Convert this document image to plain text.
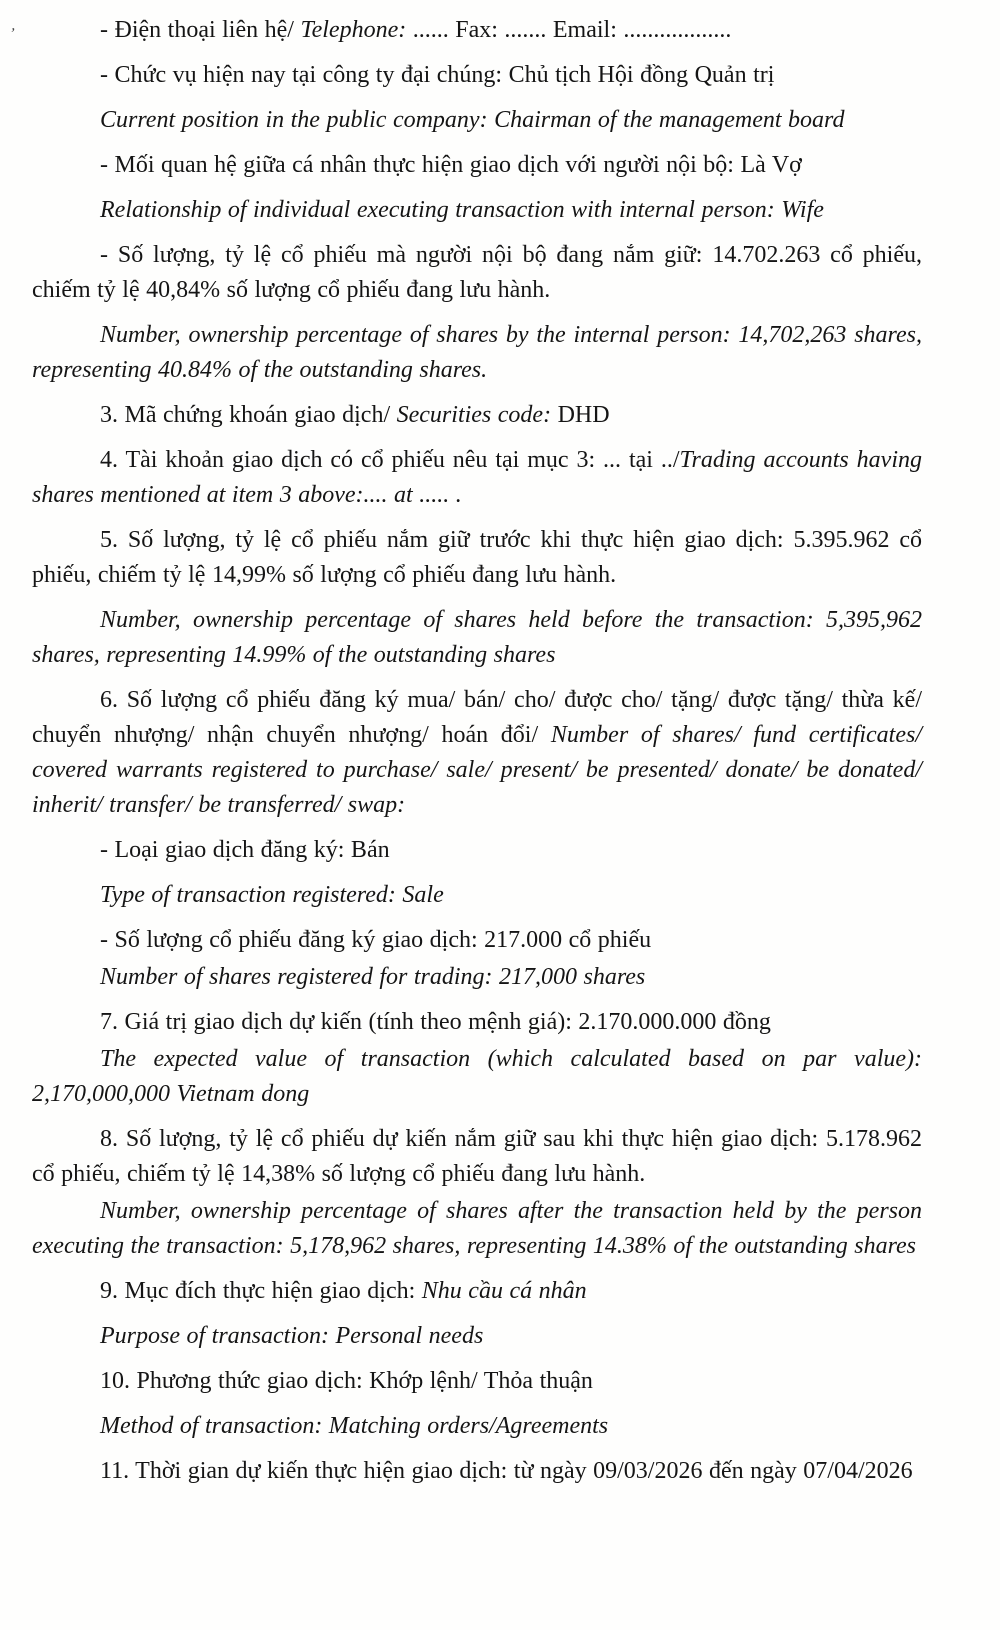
’	- Điện thoại liên hệ/ Telephone: ...... Fax: ....... Email: ..................

- Chức vụ hiện nay tại công ty đại chúng: Chủ tịch Hội đồng Quản trị

Current position in the public company: Chairman of the management board

- Mối quan hệ giữa cá nhân thực hiện giao dịch với người nội bộ: Là Vợ

Relationship of individual executing transaction with internal person: Wife

- Số lượng, tỷ lệ cổ phiếu mà người nội bộ đang nắm giữ: 14.702.263 cổ phiếu, chiếm tỷ lệ 40,84% số lượng cổ phiếu đang lưu hành.

Number, ownership percentage of shares by the internal person: 14,702,263 shares, representing 40.84% of the outstanding shares.

3. Mã chứng khoán giao dịch/ Securities code: DHD

4. Tài khoản giao dịch có cổ phiếu nêu tại mục 3: ... tại ../Trading accounts having shares mentioned at item 3 above:.... at ..... .

5. Số lượng, tỷ lệ cổ phiếu nắm giữ trước khi thực hiện giao dịch: 5.395.962 cổ phiếu, chiếm tỷ lệ 14,99% số lượng cổ phiếu đang lưu hành.

Number, ownership percentage of shares held before the transaction: 5,395,962 shares, representing 14.99% of the outstanding shares

6. Số lượng cổ phiếu đăng ký mua/ bán/ cho/ được cho/ tặng/ được tặng/ thừa kế/ chuyển nhượng/ nhận chuyển nhượng/ hoán đổi/ Number of shares/ fund certificates/ covered warrants registered to purchase/ sale/ present/ be presented/ donate/ be donated/ inherit/ transfer/ be transferred/ swap:

- Loại giao dịch đăng ký: Bán

Type of transaction registered: Sale

- Số lượng cổ phiếu đăng ký giao dịch: 217.000 cổ phiếu

Number of shares registered for trading: 217,000 shares

7. Giá trị giao dịch dự kiến (tính theo mệnh giá): 2.170.000.000 đồng

The expected value of transaction (which calculated based on par value): 2,170,000,000 Vietnam dong

8. Số lượng, tỷ lệ cổ phiếu dự kiến nắm giữ sau khi thực hiện giao dịch: 5.178.962 cổ phiếu, chiếm tỷ lệ 14,38% số lượng cổ phiếu đang lưu hành.

Number, ownership percentage of shares after the transaction held by the person executing the transaction: 5,178,962 shares, representing 14.38% of the outstanding shares

9. Mục đích thực hiện giao dịch: Nhu cầu cá nhân

Purpose of transaction: Personal needs

10. Phương thức giao dịch: Khớp lệnh/ Thỏa thuận

Method of transaction: Matching orders/Agreements

11. Thời gian dự kiến thực hiện giao dịch: từ ngày 09/03/2026 đến ngày 07/04/2026
